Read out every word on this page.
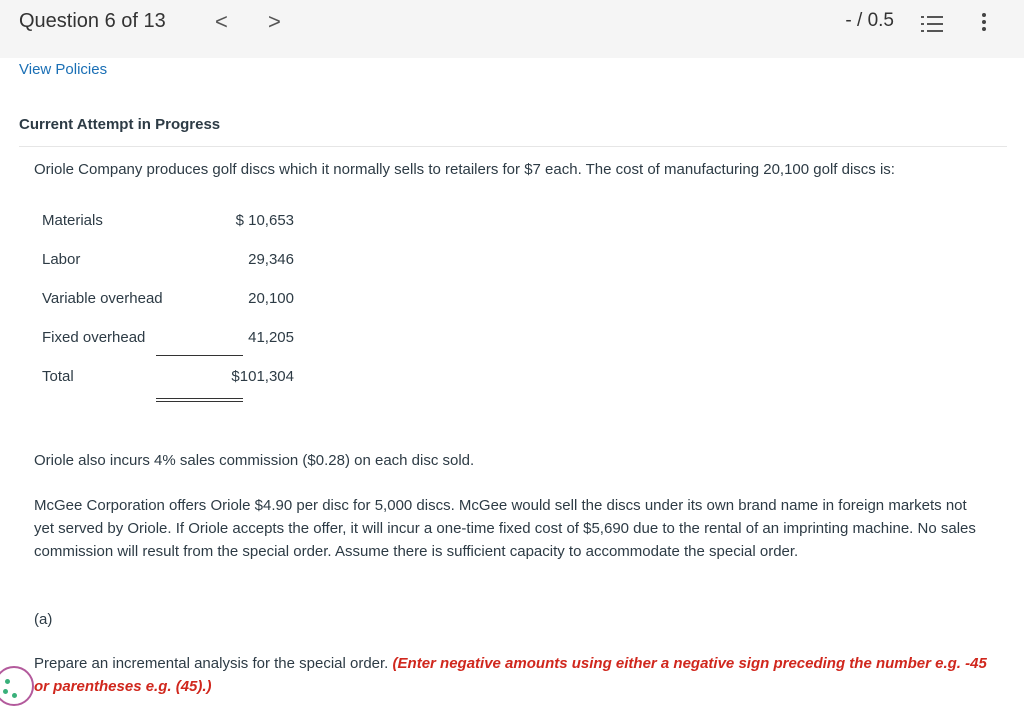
Question 6 of 13 < >	- / 0.5
View Policies
Current Attempt in Progress
Oriole Company produces golf discs which it normally sells to retailers for $7 each. The cost of manufacturing 20,100 golf discs is:
Materials	$ 10,653
Labor	29,346
Variable overhead	20,100
Fixed overhead	41,205
Total	$101,304
Oriole also incurs 4% sales commission ($0.28) on each disc sold.
McGee Corporation offers Oriole $4.90 per disc for 5,000 discs. McGee would sell the discs under its own brand name in foreign markets not yet served by Oriole. If Oriole accepts the offer, it will incur a one-time fixed cost of $5,690 due to the rental of an imprinting machine. No sales commission will result from the special order. Assume there is sufficient capacity to accommodate the special order.
(a)
Prepare an incremental analysis for the special order. (Enter negative amounts using either a negative sign preceding the number e.g. -45 or parentheses e.g. (45).)
